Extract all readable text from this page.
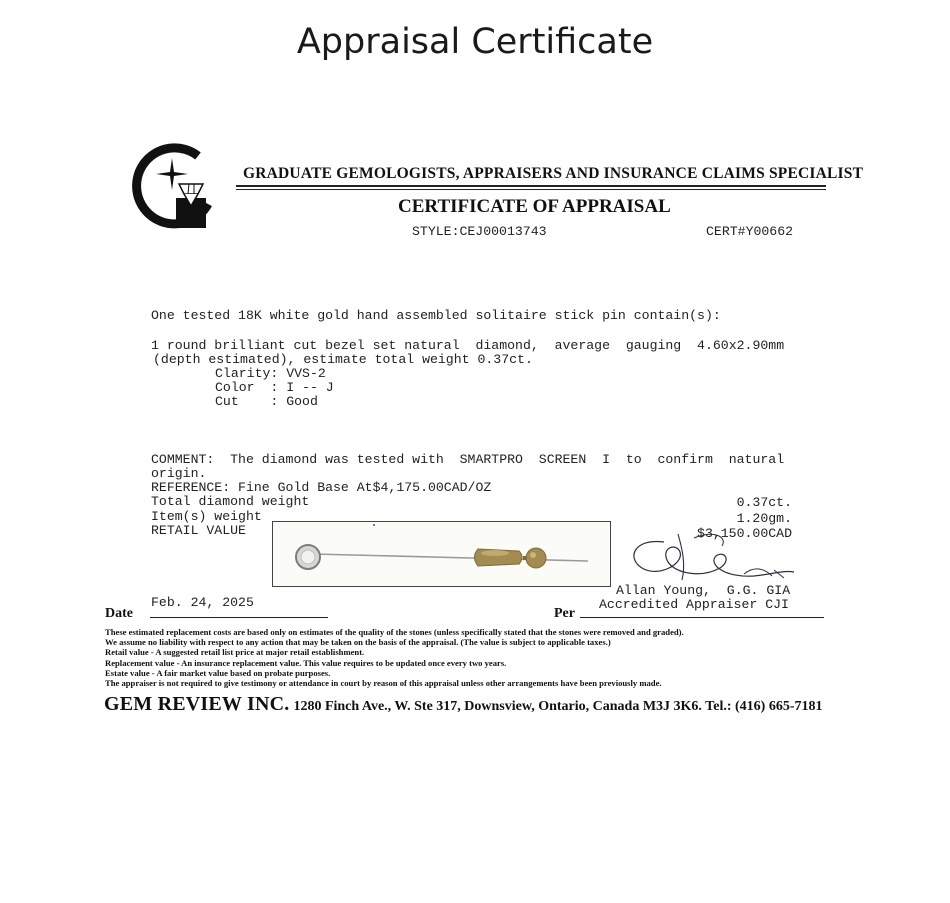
Appraisal Certificate
GRADUATE GEMOLOGISTS, APPRAISERS AND INSURANCE CLAIMS SPECIALIST
CERTIFICATE OF APPRAISAL
STYLE:CEJ00013743	CERT#Y00662
One tested 18K white gold hand assembled solitaire stick pin contain(s):
1 round brilliant cut bezel set natural  diamond,  average  gauging  4.60x2.90mm
(depth estimated), estimate total weight 0.37ct.
Clarity: VVS-2
Color  : I -- J
Cut    : Good
COMMENT:  The diamond was tested with  SMARTPRO  SCREEN  I  to  confirm  natural
origin.
REFERENCE: Fine Gold Base At$4,175.00CAD/OZ
Total diamond weight	0.37ct.
Item(s) weight	1.20gm.
RETAIL VALUE	$3,150.00CAD
Allan Young,  G.G. GIA
Accredited Appraiser CJI
Feb. 24, 2025
Date	Per
These estimated replacement costs are based only on estimates of the quality of the stones (unless specifically stated that the stones were removed and graded).
We assume no liability with respect to any action that may be taken on the basis of the appraisal. (The value is subject to applicable taxes.)
Retail value - A suggested retail list price at major retail establishment.
Replacement value - An insurance replacement value. This value requires to be updated once every two years.
Estate value - A fair market value based on probate purposes.
The appraiser is not required to give testimony or attendance in court by reason of this appraisal unless other arrangements have been previously made.
GEM REVIEW INC. 1280 Finch Ave., W. Ste 317, Downsview, Ontario, Canada M3J 3K6. Tel.: (416) 665-7181
